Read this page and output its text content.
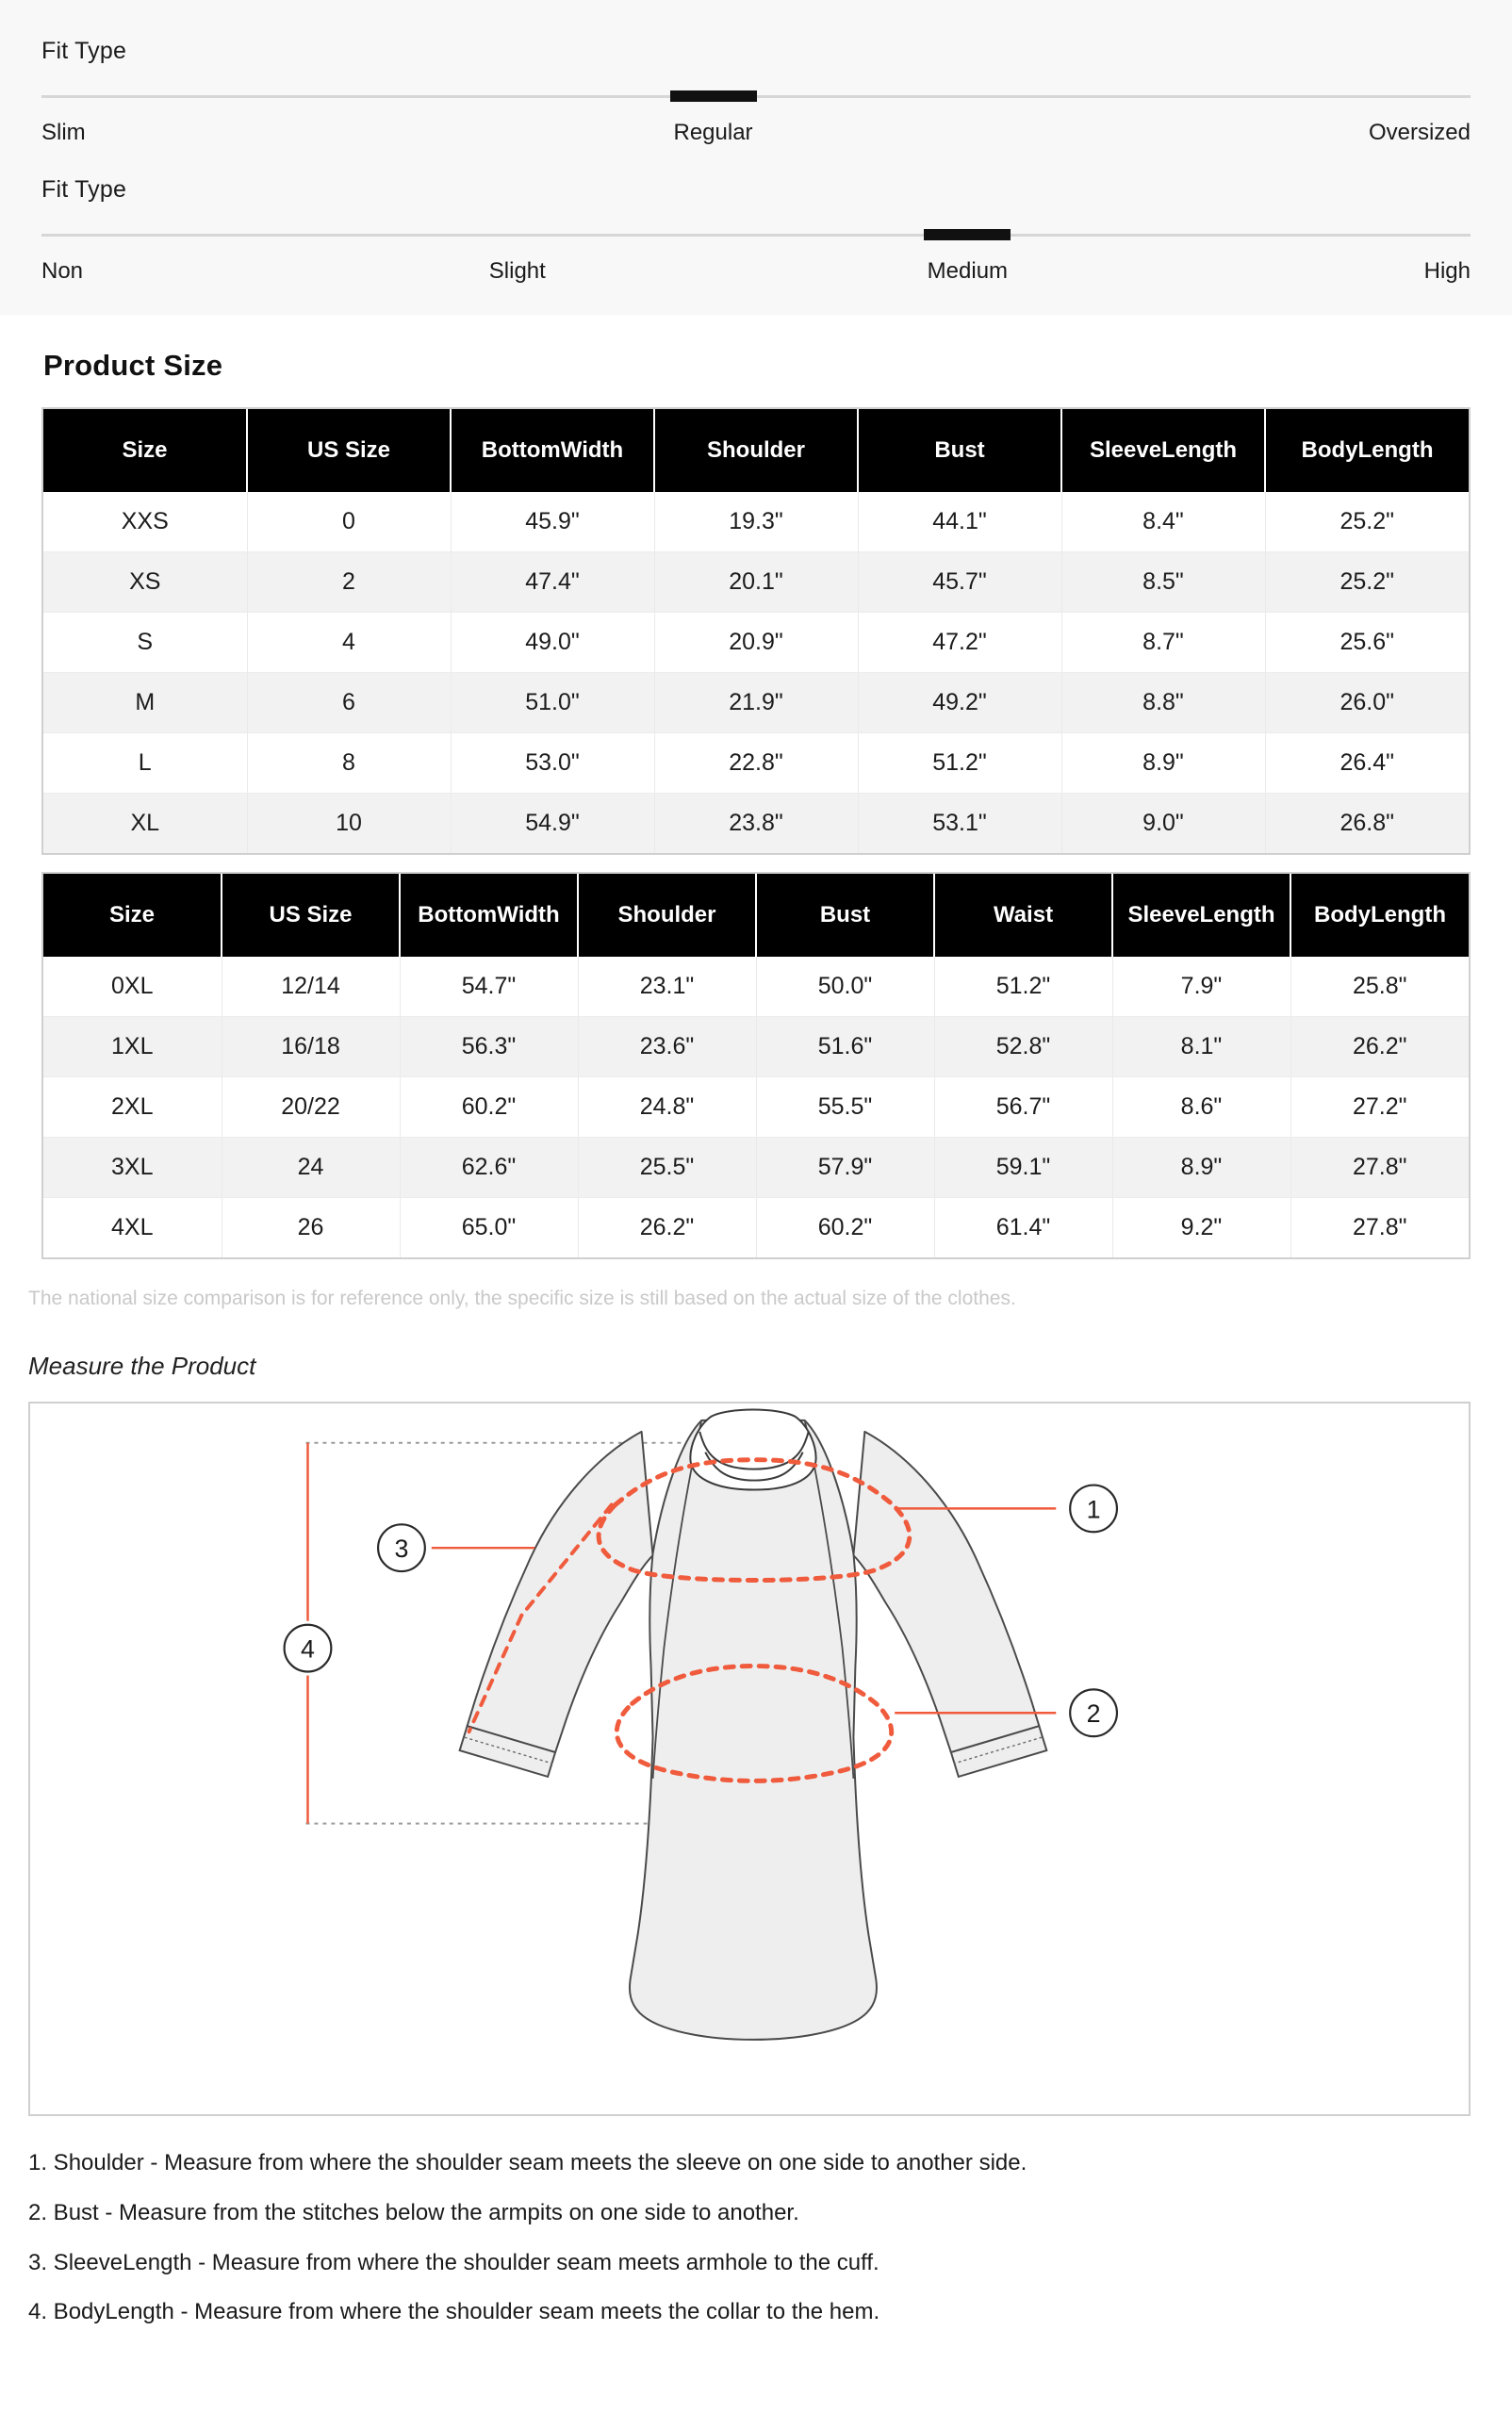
Fit Type
Slim	Regular	Oversized
Fit Type
Non	Slight	Medium	High
Product Size
Size	US Size	BottomWidth	Shoulder	Bust	SleeveLength	BodyLength
XXS	0	45.9"	19.3"	44.1"	8.4"	25.2"
XS	2	47.4"	20.1"	45.7"	8.5"	25.2"
S	4	49.0"	20.9"	47.2"	8.7"	25.6"
M	6	51.0"	21.9"	49.2"	8.8"	26.0"
L	8	53.0"	22.8"	51.2"	8.9"	26.4"
XL	10	54.9"	23.8"	53.1"	9.0"	26.8"
Size	US Size	BottomWidth	Shoulder	Bust	Waist	SleeveLength	BodyLength
0XL	12/14	54.7"	23.1"	50.0"	51.2"	7.9"	25.8"
1XL	16/18	56.3"	23.6"	51.6"	52.8"	8.1"	26.2"
2XL	20/22	60.2"	24.8"	55.5"	56.7"	8.6"	27.2"
3XL	24	62.6"	25.5"	57.9"	59.1"	8.9"	27.8"
4XL	26	65.0"	26.2"	60.2"	61.4"	9.2"	27.8"
The national size comparison is for reference only, the specific size is still based on the actual size of the clothes.
Measure the Product
1
2
3
4
1. Shoulder - Measure from where the shoulder seam meets the sleeve on one side to another side.
2. Bust - Measure from the stitches below the armpits on one side to another.
3. SleeveLength - Measure from where the shoulder seam meets armhole to the cuff.
4. BodyLength - Measure from where the shoulder seam meets the collar to the hem.
